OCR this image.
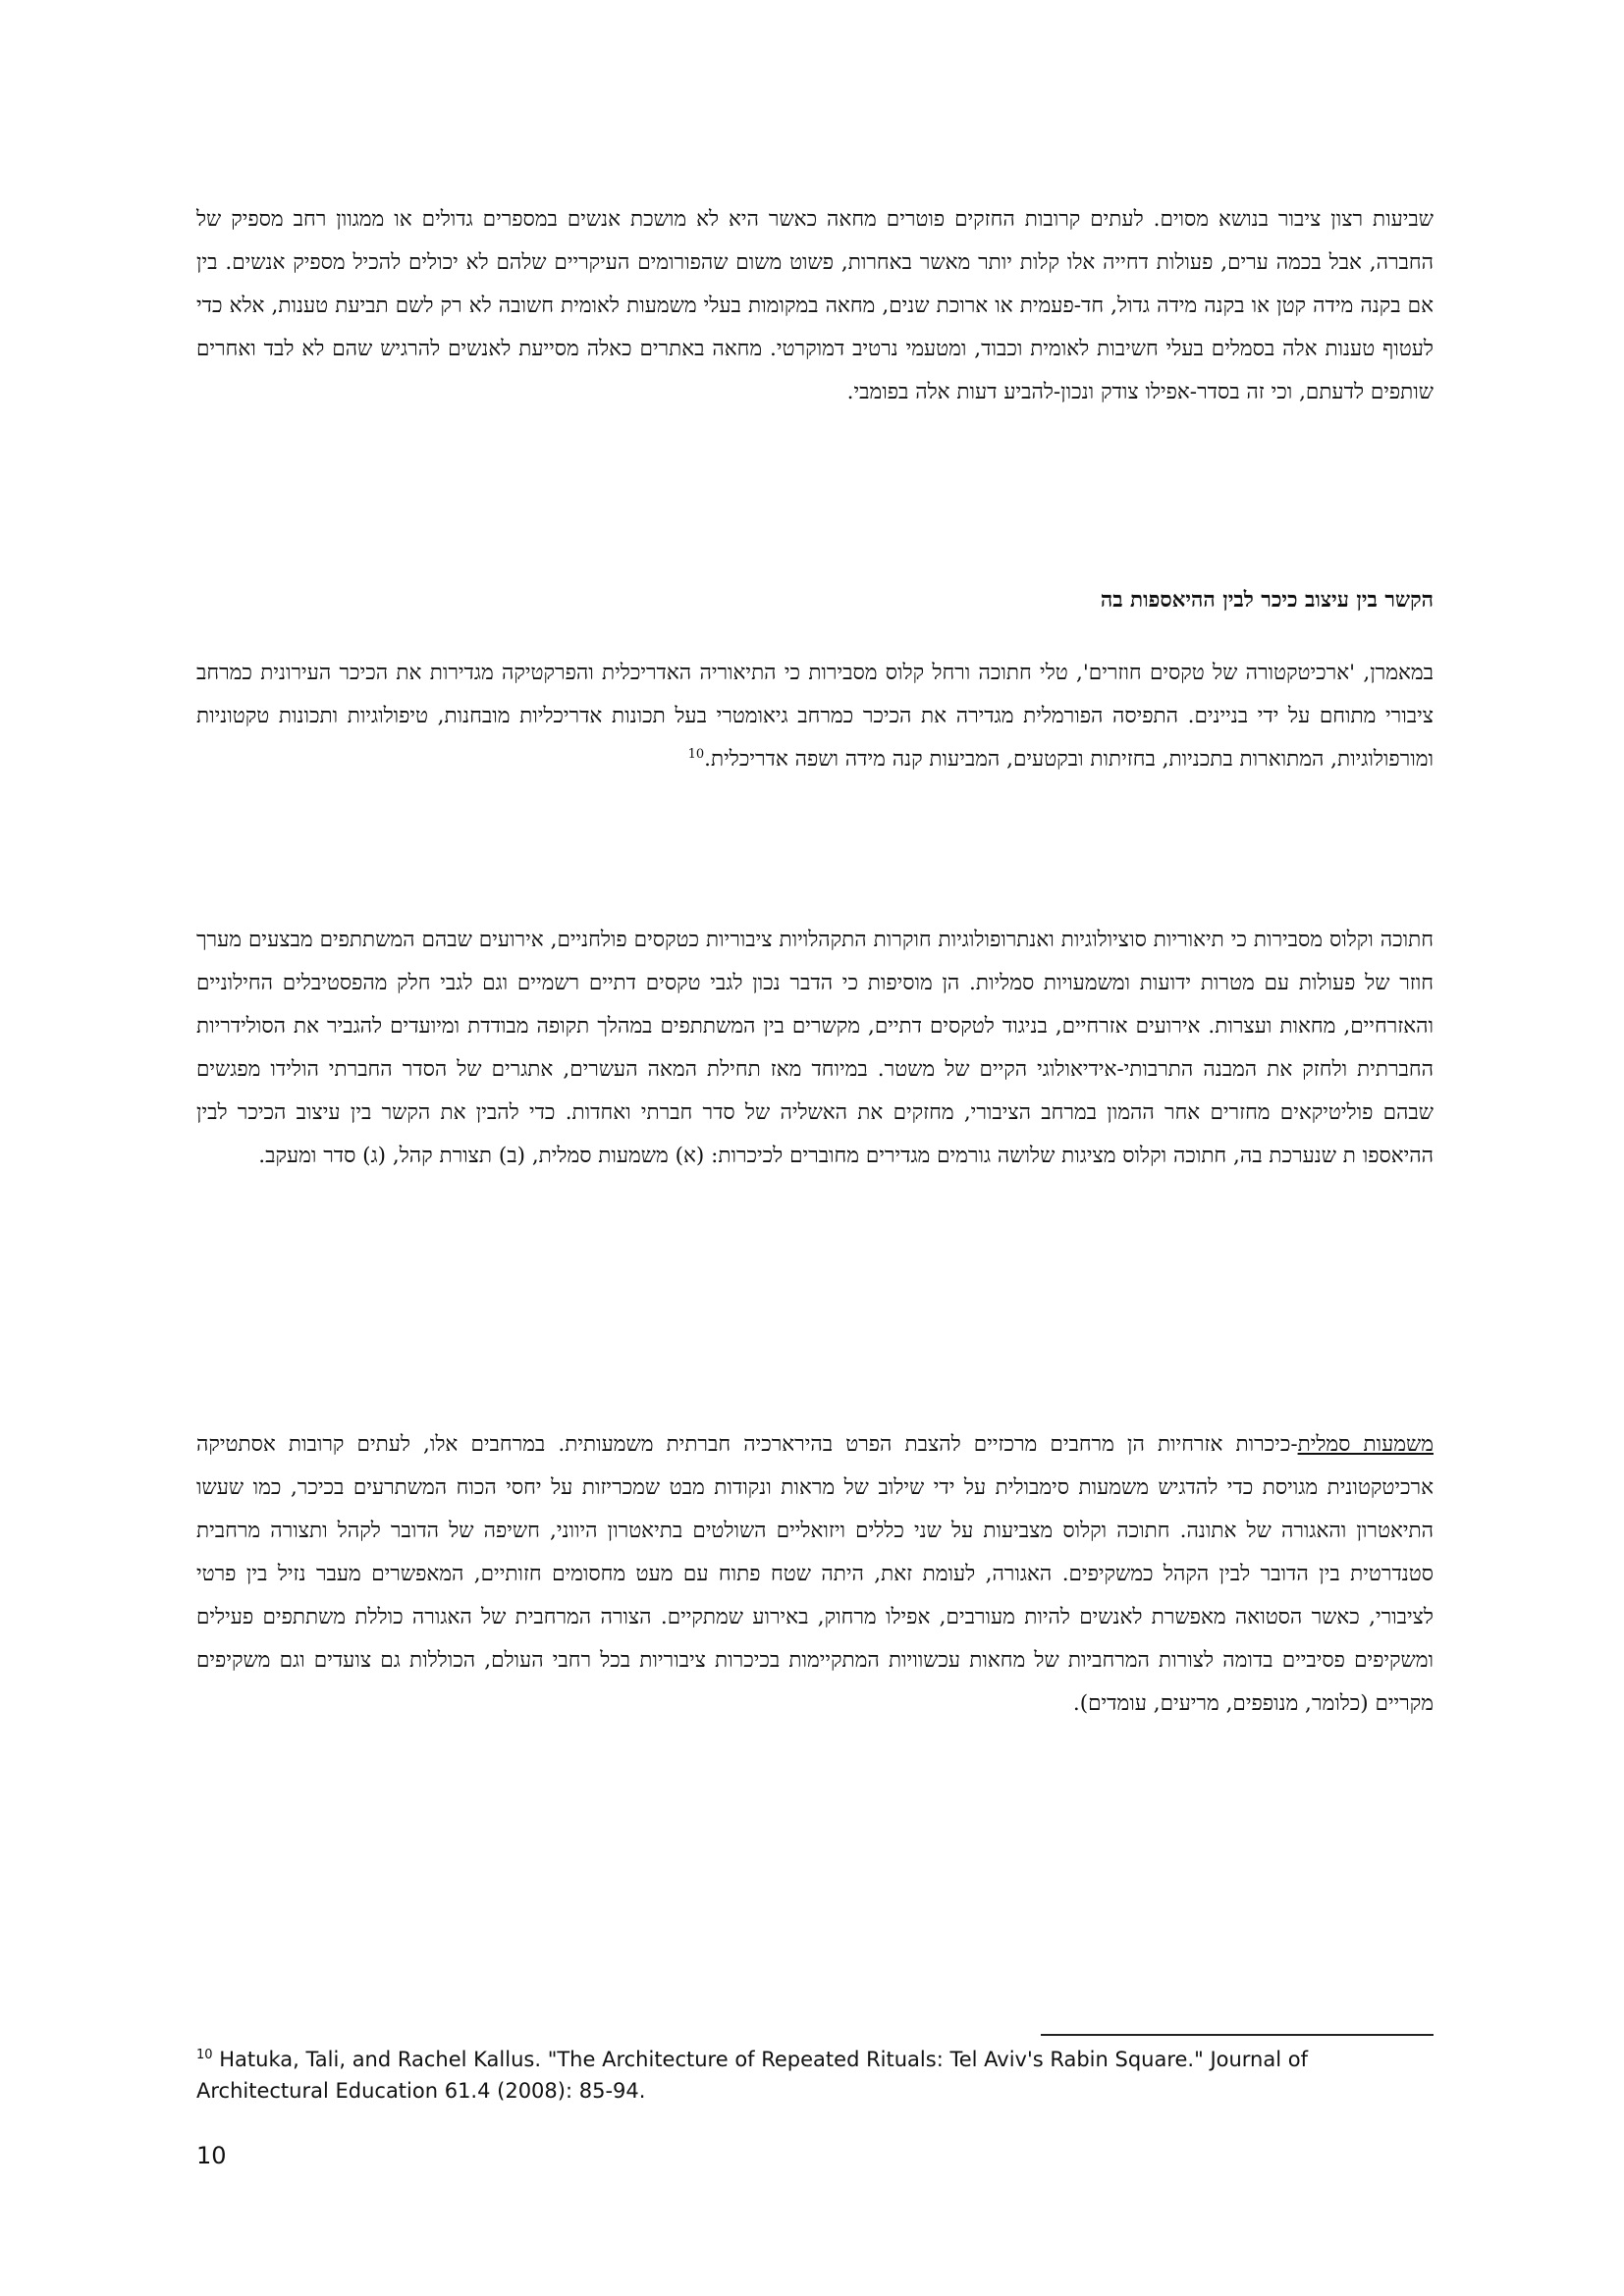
שביעות רצון ציבור בנושא מסוים. לעתים קרובות החזקים פוטרים מחאה כאשר היא לא מושכת אנשים במספרים גדולים או ממגוון רחב מספיק של החברה, אבל בכמה ערים, פעולות דחייה אלו קלות יותר מאשר באחרות, פשוט משום שהפורומים העיקריים שלהם לא יכולים להכיל מספיק אנשים. בין אם בקנה מידה קטן או בקנה מידה גדול, חד-פעמית או ארוכת שנים, מחאה במקומות בעלי משמעות לאומית חשובה לא רק לשם תביעת טענות, אלא כדי לעטוף טענות אלה בסמלים בעלי חשיבות לאומית וכבוד, ומטעמי נרטיב דמוקרטי. מחאה באתרים כאלה מסייעת לאנשים להרגיש שהם לא לבד ואחרים שותפים לדעתם, וכי זה בסדר-אפילו צודק ונכון-להביע דעות אלה בפומבי.

הקשר בין עיצוב כיכר לבין ההיאספות בה

במאמרן, 'ארכיטקטורה של טקסים חוזרים', טלי חתוכה ורחל קלוס מסבירות כי התיאוריה האדריכלית והפרקטיקה מגדירות את הכיכר העירונית כמרחב ציבורי מתוחם על ידי בניינים. התפיסה הפורמלית מגדירה את הכיכר כמרחב גיאומטרי בעל תכונות אדריכליות מובחנות, טיפולוגיות ותכונות טקטוניות ומורפולוגיות, המתוארות בתכניות, בחזיתות ובקטעים, המביעות קנה מידה ושפה אדריכלית.$^{10}$

חתוכה וקלוס מסבירות כי תיאוריות סוציולוגיות ואנתרופולוגיות חוקרות התקהלויות ציבוריות כטקסים פולחניים, אירועים שבהם המשתתפים מבצעים מערך חוזר של פעולות עם מטרות ידועות ומשמעויות סמליות. הן מוסיפות כי הדבר נכון לגבי טקסים דתיים רשמיים וגם לגבי חלק מהפסטיבלים החילוניים והאזרחיים, מחאות ועצרות. אירועים אזרחיים, בניגוד לטקסים דתיים, מקשרים בין המשתתפים במהלך תקופה מבודדת ומיועדים להגביר את הסולידריות החברתית ולחזק את המבנה התרבותי-אידיאולוגי הקיים של משטר. במיוחד מאז תחילת המאה העשרים, אתגרים של הסדר החברתי הולידו מפגשים שבהם פוליטיקאים מחזרים אחר ההמון במרחב הציבורי, מחזקים את האשליה של סדר חברתי ואחדות. כדי להבין את הקשר בין עיצוב הכיכר לבין ההיאספו ת שנערכת בה, חתוכה וקלוס מציגות שלושה גורמים מגדירים מחוברים לכיכרות: (א) משמעות סמלית, (ב) תצורת קהל, (ג) סדר ומעקב.

משמעות סמלית-כיכרות אזרחיות הן מרחבים מרכזיים להצבת הפרט בהירארכיה חברתית משמעותית. במרחבים אלו, לעתים קרובות אסתטיקה ארכיטקטונית מגויסת כדי להדגיש משמעות סימבולית על ידי שילוב של מראות ונקודות מבט שמכריזות על יחסי הכוח המשתרעים בכיכר, כמו שעשו התיאטרון והאגורה של אתונה. חתוכה וקלוס מצביעות על שני כללים ויזואליים השולטים בתיאטרון היווני, חשיפה של הדובר לקהל ותצורה מרחבית סטנדרטית בין הדובר לבין הקהל כמשקיפים. האגורה, לעומת זאת, היתה שטח פתוח עם מעט מחסומים חזותיים, המאפשרים מעבר נזיל בין פרטי לציבורי, כאשר הסטואה מאפשרת לאנשים להיות מעורבים, אפילו מרחוק, באירוע שמתקיים. הצורה המרחבית של האגורה כוללת משתתפים פעילים ומשקיפים פסיביים בדומה לצורות המרחביות של מחאות עכשוויות המתקיימות בכיכרות ציבוריות בכל רחבי העולם, הכוללות גם צועדים וגם משקיפים מקריים (כלומר, מנופפים, מריעים, עומדים).

$^{10}$ Hatuka, Tali, and Rachel Kallus. "The Architecture of Repeated Rituals: Tel Aviv's Rabin Square." Journal of Architectural Education 61.4 (2008): 85-94.

10
